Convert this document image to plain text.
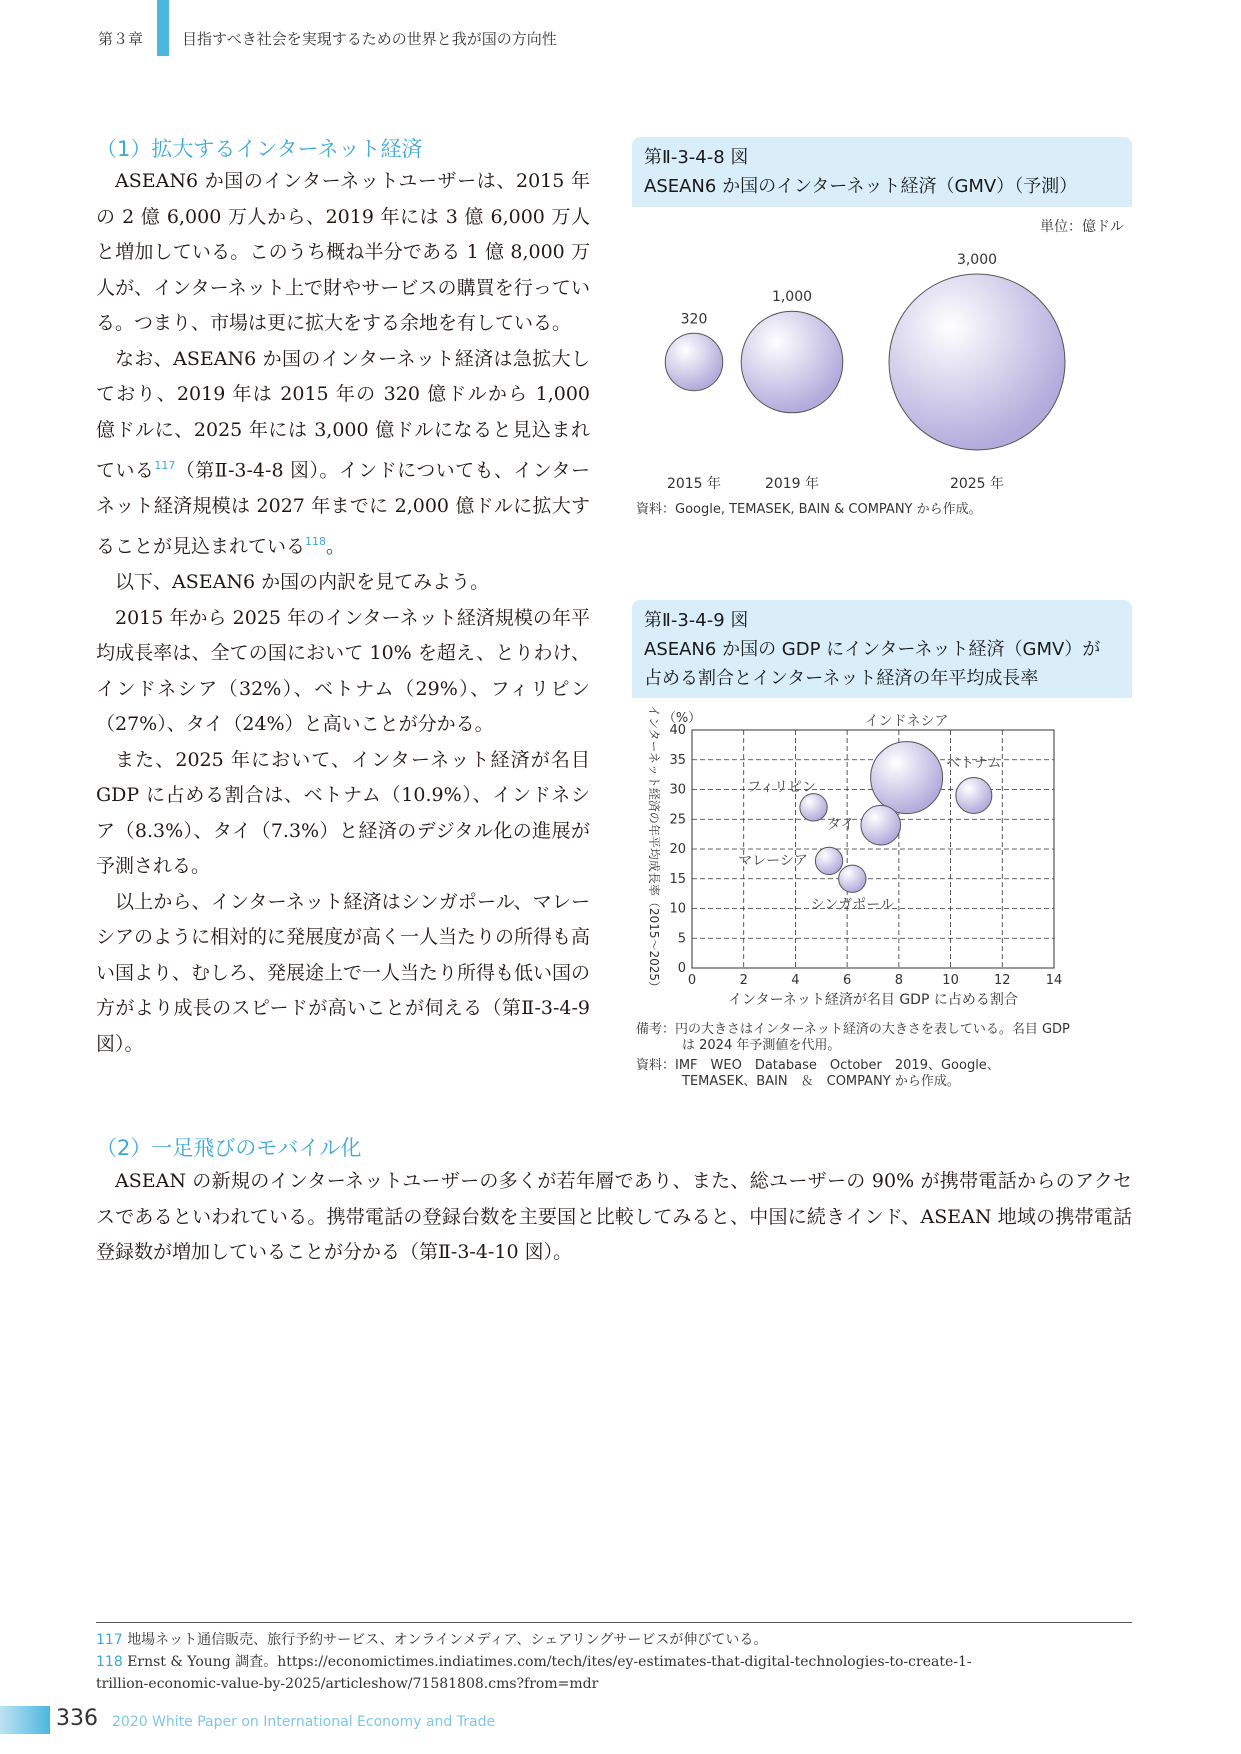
第３章	目指すべき社会を実現するための世界と我が国の方向性
（1）拡大するインターネット経済

ASEAN6 か国のインターネットユーザーは、2015 年の 2 億 6,000 万人から、2019 年には 3 億 6,000 万人と増加している。このうち概ね半分である 1 億 8,000 万人が、インターネット上で財やサービスの購買を行っている。つまり、市場は更に拡大をする余地を有している。

なお、ASEAN6 か国のインターネット経済は急拡大しており、2019 年は 2015 年の 320 億ドルから 1,000 億ドルに、2025 年には 3,000 億ドルになると見込まれている$^{117}$（第Ⅱ-3-4-8 図）。インドについても、インターネット経済規模は 2027 年までに 2,000 億ドルに拡大することが見込まれている$^{118}$。

以下、ASEAN6 か国の内訳を見てみよう。

2015 年から 2025 年のインターネット経済規模の年平均成長率は、全ての国において 10% を超え、とりわけ、インドネシア（32%）、ベトナム（29%）、フィリピン（27%）、タイ（24%）と高いことが分かる。

また、2025 年において、インターネット経済が名目 GDP に占める割合は、ベトナム（10.9%）、インドネシア（8.3%）、タイ（7.3%）と経済のデジタル化の進展が予測される。

以上から、インターネット経済はシンガポール、マレーシアのように相対的に発展度が高く一人当たりの所得も高い国より、むしろ、発展途上で一人当たり所得も低い国の方がより成長のスピードが高いことが伺える（第Ⅱ-3-4-9 図）。

第Ⅱ-3-4-8 図
ASEAN6 か国のインターネット経済（GMV）（予測）
単位：億ドル
320
2015 年
1,000
2019 年
3,000
2025 年
資料：Google, TEMASEK, BAIN & COMPANY から作成。
第Ⅱ-3-4-9 図
ASEAN6 か国の GDP にインターネット経済（GMV）が
占める割合とインターネット経済の年平均成長率
0	2	4	6	8	10	12	14
0
5
10
15
20
25
30
35
40
（%）
インターネット経済が名目 GDP に占める割合
インターネット経済の年平均成長率（2015～2025）	インドネシア
ベトナム
フィリピン
タイ
マレーシア
シンガポール
備考：円の大きさはインターネット経済の大きさを表している。名目 GDP
は 2024 年予測値を代用。
資料：IMF　WEO　Database　October　2019、Google、
TEMASEK、BAIN　＆　COMPANY から作成。
（2）一足飛びのモバイル化

ASEAN の新規のインターネットユーザーの多くが若年層であり、また、総ユーザーの 90% が携帯電話からのアクセスであるといわれている。携帯電話の登録台数を主要国と比較してみると、中国に続きインド、ASEAN 地域の携帯電話登録数が増加していることが分かる（第Ⅱ-3-4-10 図）。

117 地場ネット通信販売、旅行予約サービス、オンラインメディア、シェアリングサービスが伸びている。
118 Ernst & Young 調査。https://economictimes.indiatimes.com/tech/ites/ey-estimates-that-digital-technologies-to-create-1-
trillion-economic-value-by-2025/articleshow/71581808.cms?from=mdr
336 2020 White Paper on International Economy and Trade
